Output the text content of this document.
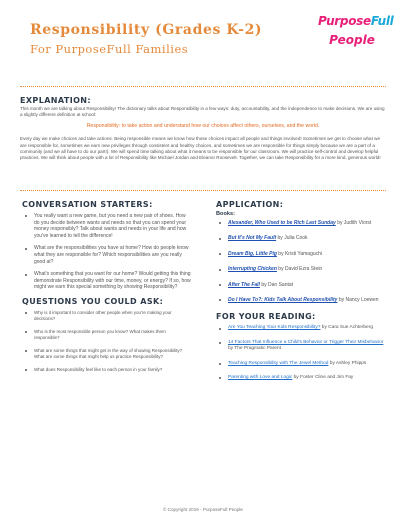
Responsibility (Grades K-2)
For PurposeFull Families
PurposeFull
People
EXPLANATION:

This month we are talking about Responsibility! The dictionary talks about Responsibility in a few ways: duty, accountability, and the independence to make decisions. We are using a slightly different definition at school:

Responsibility: to take action and understand how our choices affect others, ourselves, and the world.

Every day we make choices and take actions. Being responsible means we know how those choices impact all people and things involved! Sometimes we get to choose what we are responsible for, sometimes we earn new privileges through consistent and healthy choices, and sometimes we are responsible for things simply because we are a part of a community (and we all have to do our part!). We will spend time talking about what it means to be responsible for our classroom. We will practice self-control and develop helpful practices. We will think about people with a lot of Responsibility like Michael Jordan and Eleanor Roosevelt. Together, we can take Responsibility for a more kind, generous world!

CONVERSATION STARTERS:
You really want a new game, but you need a new pair of shoes. How do you decide between wants and needs so that you can spend your money responsibly? Talk about wants and needs in your life and how you've learned to tell the difference!
What are the responsibilities you have at home? How do people know what they are responsible for? Which responsibilities are you really good at?
What's something that you want for our home? Would getting this thing demonstrate Responsibility with our time, money, or energy? If so, how might we earn this special something by showing Responsibility?
QUESTIONS YOU COULD ASK:
Why is it important to consider other people when you're making your decisions?
Who is the most responsible person you know? What makes them responsible?
What are some things that might get in the way of showing Responsibility? What are some things that might help us practice Responsibility?
What does Responsibility feel like to each person in your family?
APPLICATION:
Books:
Alexander, Who Used to be Rich Last Sunday by Judith Viorst
But It's Not My Fault by Julia Cook
Dream Big, Little Pig by Kristi Yamaguchi
Interrupting Chicken by David Ezra Stein
After The Fall by Dan Santat
Do I Have To?: Kids Talk About Responsibility by Nancy Loewen
FOR YOUR READING:
Are You Teaching Your Kids Responsibility? by Cara Sue Achterberg
14 Factors That Influence a Child's Behavior or Trigger Their Misbehavior by The Pragmatic Parent
Teaching Responsibility with The Jewel Method by Ashley Phipps
Parenting with Love and Logic by Foster Cline and Jim Fay
© Copyright 2019 - PurposeFull People
